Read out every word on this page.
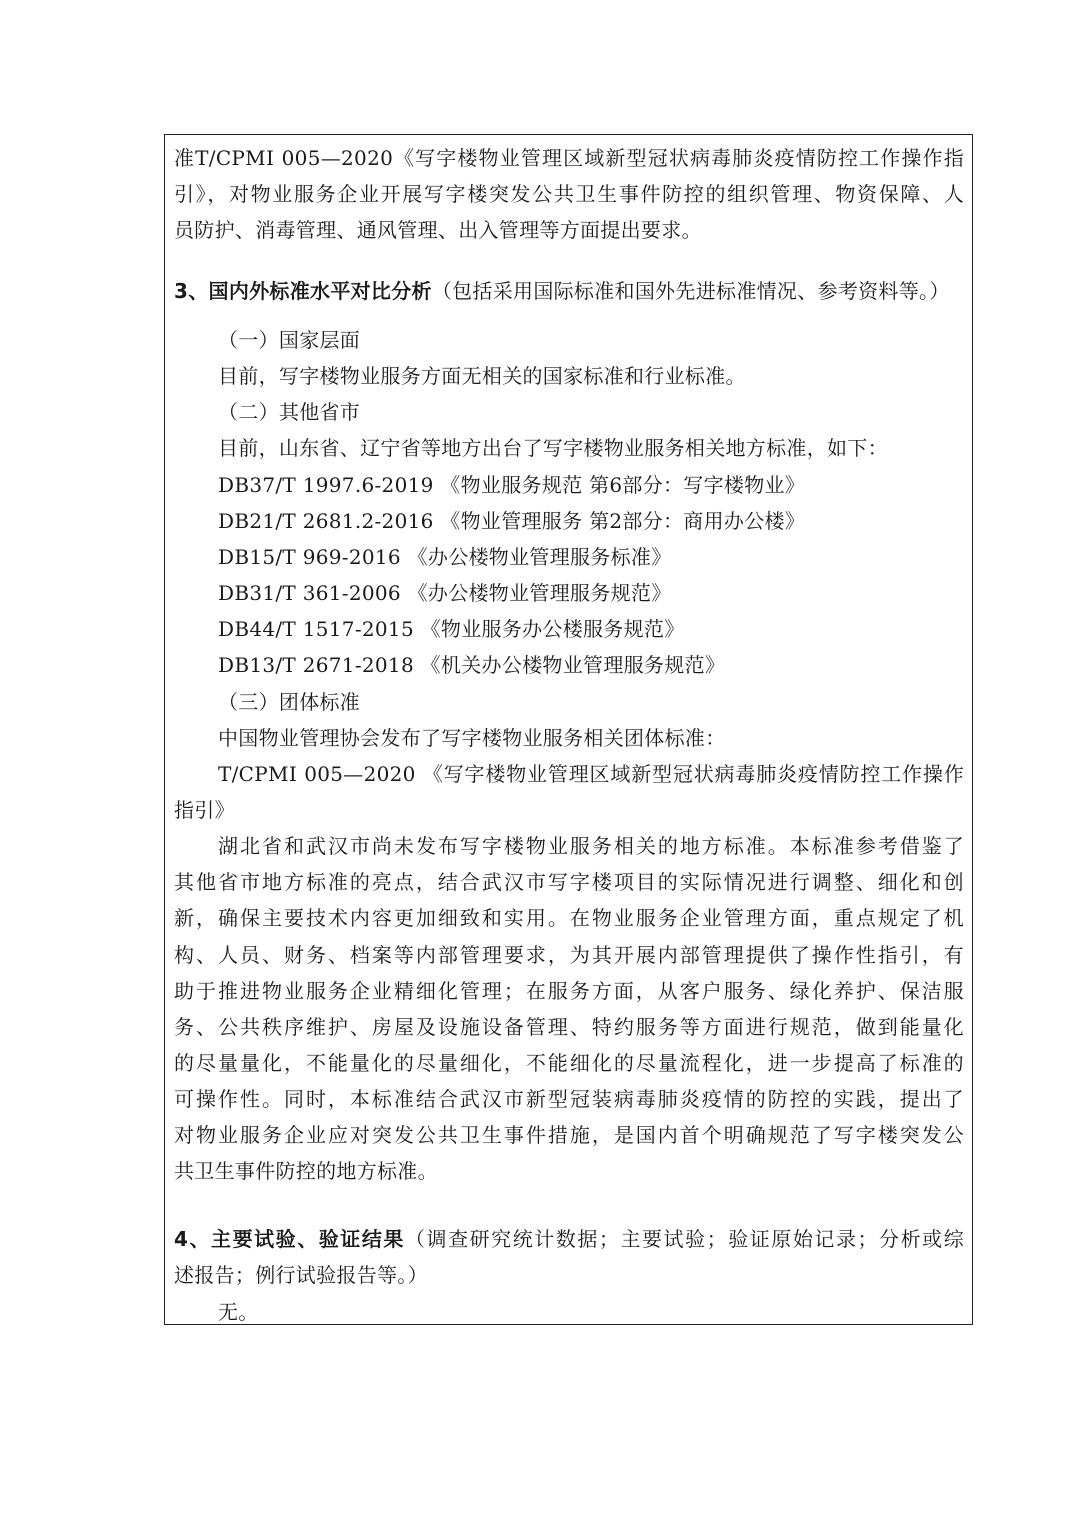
准T/CPMI 005—2020《写字楼物业管理区域新型冠状病毒肺炎疫情防控工作操作指
引》，对物业服务企业开展写字楼突发公共卫生事件防控的组织管理、物资保障、人
员防护、消毒管理、通风管理、出入管理等方面提出要求。
3、国内外标准水平对比分析（包括采用国际标准和国外先进标准情况、参考资料等。）
（一）国家层面
目前，写字楼物业服务方面无相关的国家标准和行业标准。
（二）其他省市
目前，山东省、辽宁省等地方出台了写字楼物业服务相关地方标准，如下：
DB37/T 1997.6-2019 《物业服务规范 第6部分：写字楼物业》
DB21/T 2681.2-2016 《物业管理服务 第2部分：商用办公楼》
DB15/T 969-2016 《办公楼物业管理服务标准》
DB31/T 361-2006 《办公楼物业管理服务规范》
DB44/T 1517-2015 《物业服务办公楼服务规范》
DB13/T 2671-2018 《机关办公楼物业管理服务规范》
（三）团体标准
中国物业管理协会发布了写字楼物业服务相关团体标准：
T/CPMI 005—2020 《写字楼物业管理区域新型冠状病毒肺炎疫情防控工作操作
指引》
湖北省和武汉市尚未发布写字楼物业服务相关的地方标准。本标准参考借鉴了
其他省市地方标准的亮点，结合武汉市写字楼项目的实际情况进行调整、细化和创
新，确保主要技术内容更加细致和实用。在物业服务企业管理方面，重点规定了机
构、人员、财务、档案等内部管理要求，为其开展内部管理提供了操作性指引，有
助于推进物业服务企业精细化管理；在服务方面，从客户服务、绿化养护、保洁服
务、公共秩序维护、房屋及设施设备管理、特约服务等方面进行规范，做到能量化
的尽量量化，不能量化的尽量细化，不能细化的尽量流程化，进一步提高了标准的
可操作性。同时，本标准结合武汉市新型冠装病毒肺炎疫情的防控的实践，提出了
对物业服务企业应对突发公共卫生事件措施，是国内首个明确规范了写字楼突发公
共卫生事件防控的地方标准。
4、主要试验、验证结果（调查研究统计数据；主要试验；验证原始记录；分析或综
述报告；例行试验报告等。）
无。
